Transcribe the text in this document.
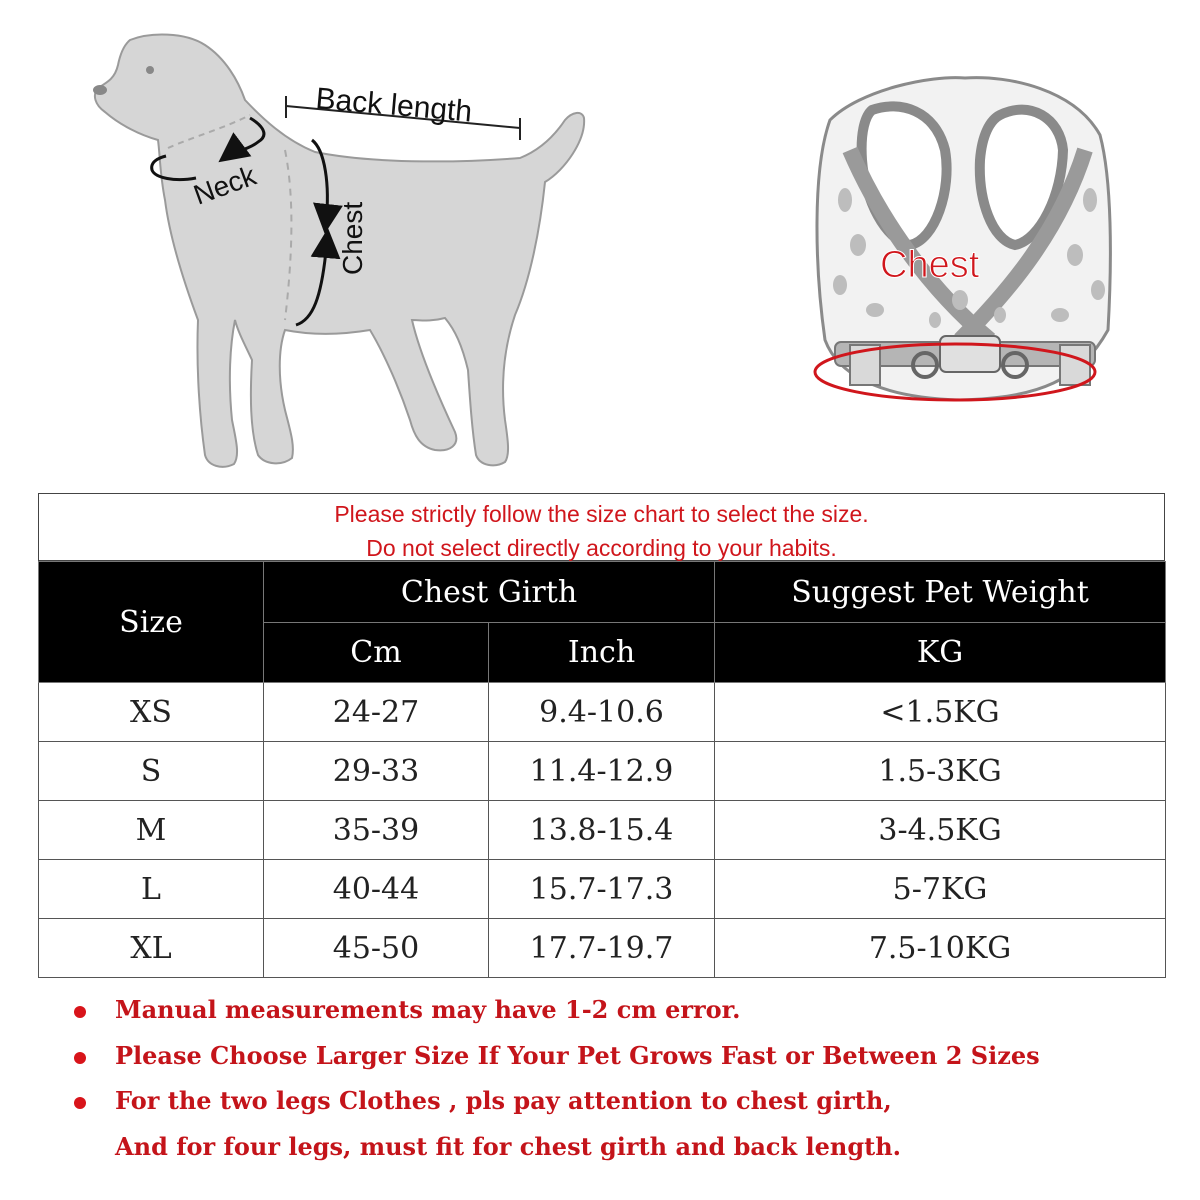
Back length
Neck
Chest	Chest
Please strictly follow the size chart to select the size.
Do not select directly according to your habits.
Size	Chest Girth		Suggest Pet Weight
	Cm	Inch	KG
XS	24-27	9.4-10.6	<1.5KG
S	29-33	11.4-12.9	1.5-3KG
M	35-39	13.8-15.4	3-4.5KG
L	40-44	15.7-17.3	5-7KG
XL	45-50	17.7-19.7	7.5-10KG
Manual measurements may have 1-2 cm error.
Please Choose Larger Size If Your Pet Grows Fast or Between 2 Sizes
For the two legs Clothes , pls pay attention to chest girth,
And for four legs, must fit for chest girth and back length.
